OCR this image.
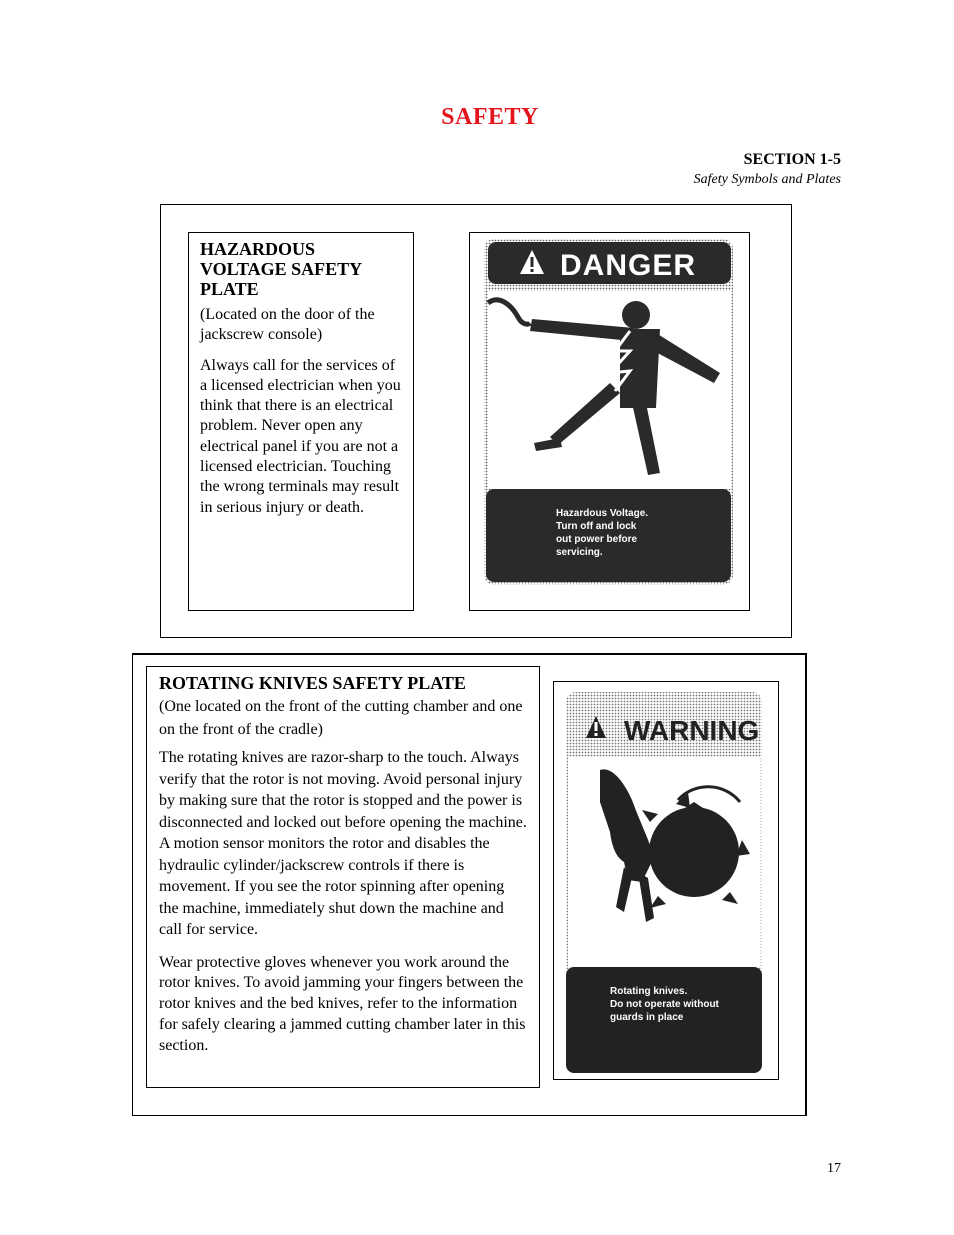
SAFETY
SECTION 1-5
Safety Symbols and Plates
HAZARDOUS VOLTAGE SAFETY PLATE
(Located on the door of the jackscrew console)
Always call for the services of a licensed electrician when you think that there is an electrical problem. Never open any electrical panel if you are not a licensed electrician. Touching the wrong terminals may result in serious injury or death.
DANGER
Hazardous Voltage.
Turn off and lock
out power before
servicing.
ROTATING KNIVES SAFETY PLATE
(One located on the front of the cutting chamber and one on the front of the cradle)
The rotating knives are razor-sharp to the touch. Always verify that the rotor is not moving. Avoid personal injury by making sure that the rotor is stopped and the power is disconnected and locked out before opening the machine. A motion sensor monitors the rotor and disables the hydraulic cylinder/jackscrew controls if there is movement. If you see the rotor spinning after opening the machine, immediately shut down the machine and call for service.
Wear protective gloves whenever you work around the rotor knives. To avoid jamming your fingers between the rotor knives and the bed knives, refer to the information for safely clearing a jammed cutting chamber later in this section.
WARNING
Rotating knives.
Do not operate without
guards in place
17
